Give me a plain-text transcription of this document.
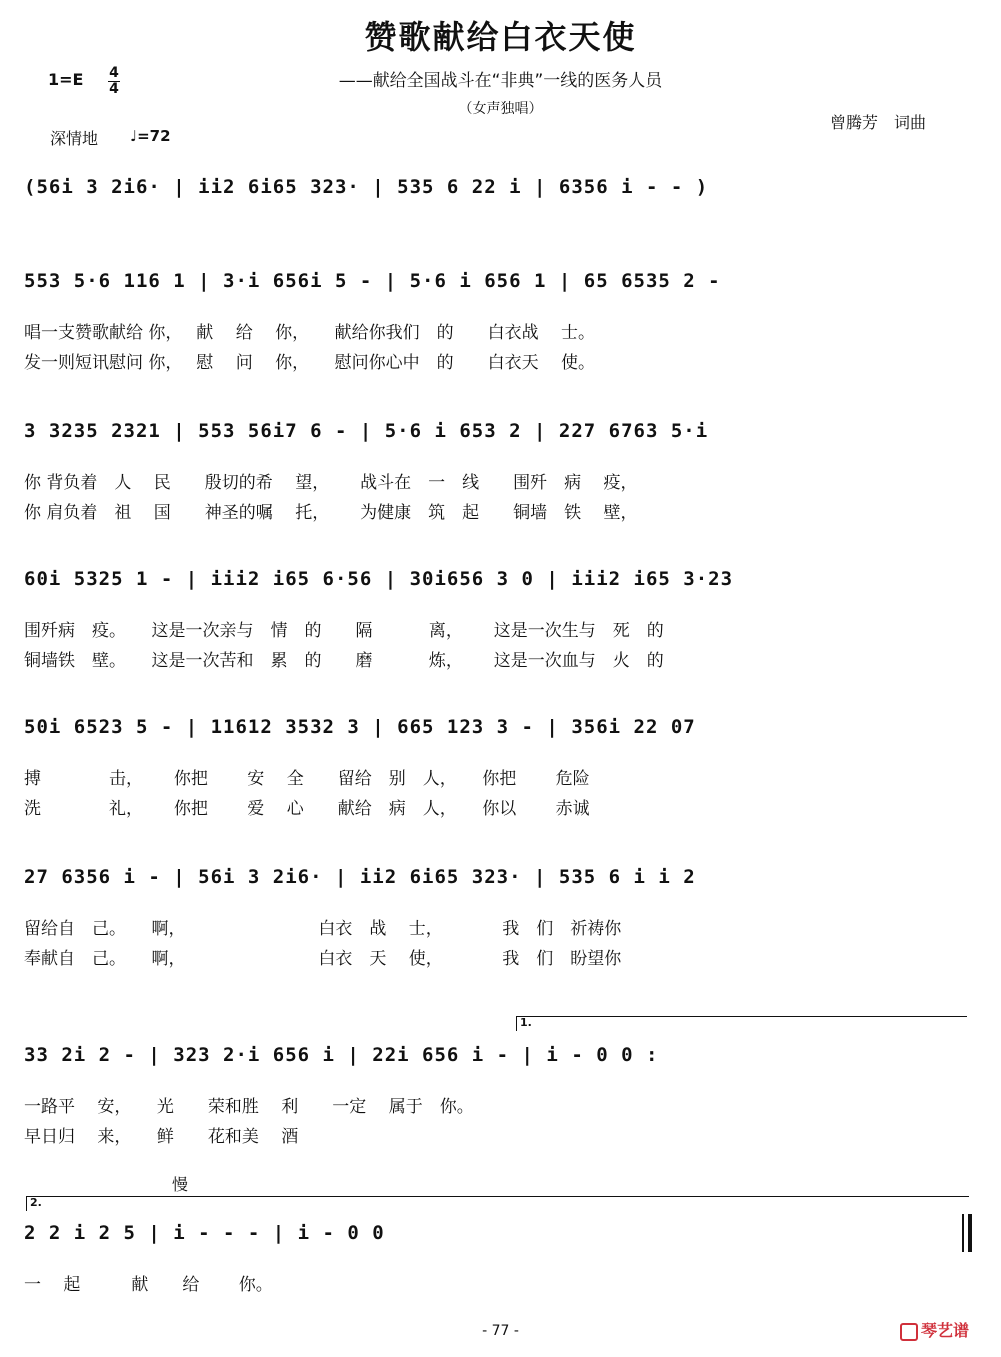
赞歌献给白衣天使
——献给全国战斗在“非典”一线的医务人员
（女声独唱）
1=E 4
4
深情地 ♩=72
曾腾芳　词曲
(56i 3 2i6· | ii2 6i65 323· | 535 6 22 i | 6356 i - - )
553 5·6 116 1 | 3·i 656i 5 - | 5·6 i 656 1 | 65 6535 2 -
唱一支赞歌献给 你，　 献　 给　 你，　　献给你我们　的　　白衣战　 士。
发一则短讯慰问 你，　 慰　 问　 你，　　慰问你心中　的　　白衣天　 使。
3 3235 2321 | 553 56i7 6 - | 5·6 i 653 2 | 227 6763 5·i
你 背负着　人　 民　　殷切的希　 望，　　 战斗在　一　线　　围歼　病　 疫，
你 肩负着　祖　 国　　神圣的嘱　 托，　　 为健康　筑　起　　铜墙　铁　 壁，
60i 5325 1 - | iii2 i65 6·56 | 30i656 3 0 | iii2 i65 3·23
围歼病　疫。　　这是一次亲与　情　的　　隔　　　 离，　　 这是一次生与　死　的
铜墙铁　壁。　　这是一次苦和　累　的　　磨　　　 炼，　　 这是一次血与　火　的
50i 6523 5 - | 11612 3532 3 | 665 123 3 - | 356i 22 07
搏　　　　击，　　 你把　　 安　 全　　留给　别　人，　　你把　　 危险
洗　　　　礼，　　 你把　　 爱　 心　　献给　病　人，　　你以　　 赤诚
27 6356 i - | 56i 3 2i6· | ii2 6i65 323· | 535 6 i i 2
留给自　己。　　啊，　　　　　　　　 白衣　战　 士，　　　　我　们　祈祷你
奉献自　己。　　啊，　　　　　　　　 白衣　天　 使，　　　　我　们　盼望你
1.
33 2i 2 - | 323 2·i 656 i | 22i 656 i - | i - 0 0 :
一路平　 安，　　光　　荣和胜　 利　　一定　 属于　你。
早日归　 来，　　鲜　　花和美　 酒
慢
2.
2 2 i 2 5 | i - - - | i - 0 0
一　 起　　　献　　给　　 你。
- 77 -	琴艺谱
